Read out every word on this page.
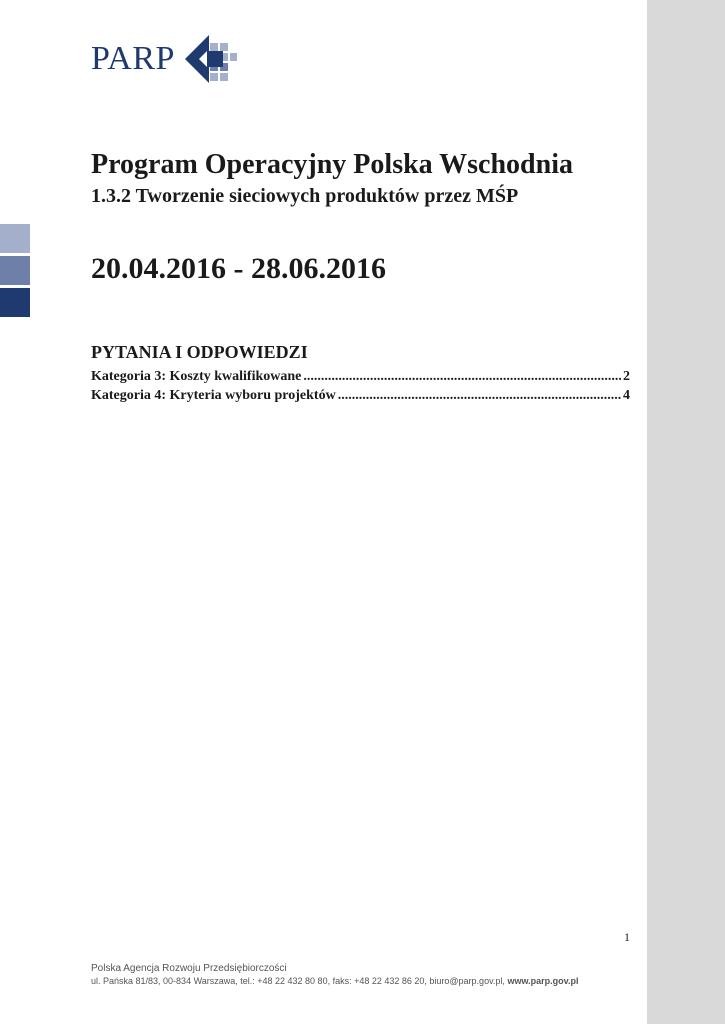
PARP
Program Operacyjny Polska Wschodnia
1.3.2 Tworzenie sieciowych produktów przez MŚP
20.04.2016 - 28.06.2016
PYTANIA I ODPOWIEDZI
Kategoria 3: Koszty kwalifikowane .....	2
Kategoria 4: Kryteria wyboru projektów .....	4
1
Polska Agencja Rozwoju Przedsiębiorczości
ul. Pańska 81/83, 00-834 Warszawa, tel.: +48 22 432 80 80, faks: +48 22 432 86 20, biuro@parp.gov.pl, www.parp.gov.pl
